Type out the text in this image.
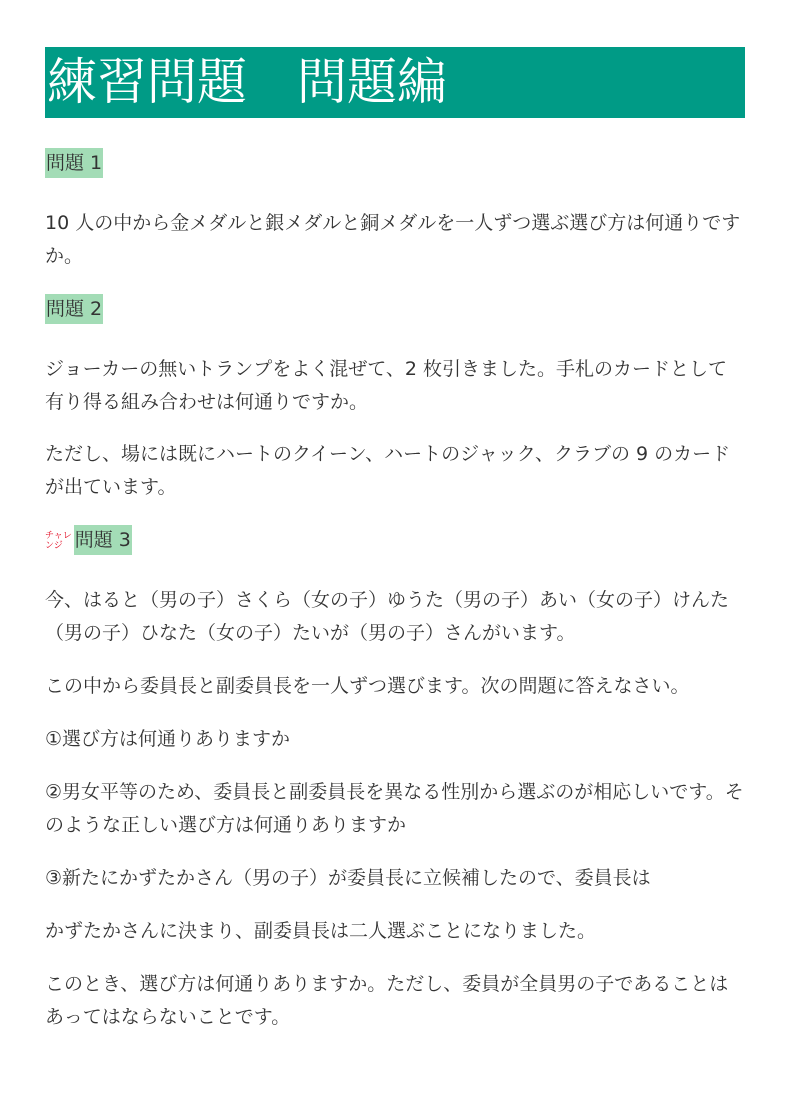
練習問題　問題編
問題 1

10 人の中から金メダルと銀メダルと銅メダルを一人ずつ選ぶ選び方は何通りですか。

問題 2

ジョーカーの無いトランプをよく混ぜて、2 枚引きました。手札のカードとして有り得る組み合わせは何通りですか。

ただし、場には既にハートのクイーン、ハートのジャック、クラブの 9 のカードが出ています。

チャレ
ンジ 問題 3

今、はると（男の子）さくら（女の子）ゆうた（男の子）あい（女の子）けんた（男の子）ひなた（女の子）たいが（男の子）さんがいます。

この中から委員長と副委員長を一人ずつ選びます。次の問題に答えなさい。

①選び方は何通りありますか

②男女平等のため、委員長と副委員長を異なる性別から選ぶのが相応しいです。そのような正しい選び方は何通りありますか

③新たにかずたかさん（男の子）が委員長に立候補したので、委員長は

かずたかさんに決まり、副委員長は二人選ぶことになりました。

このとき、選び方は何通りありますか。ただし、委員が全員男の子であることはあってはならないことです。
